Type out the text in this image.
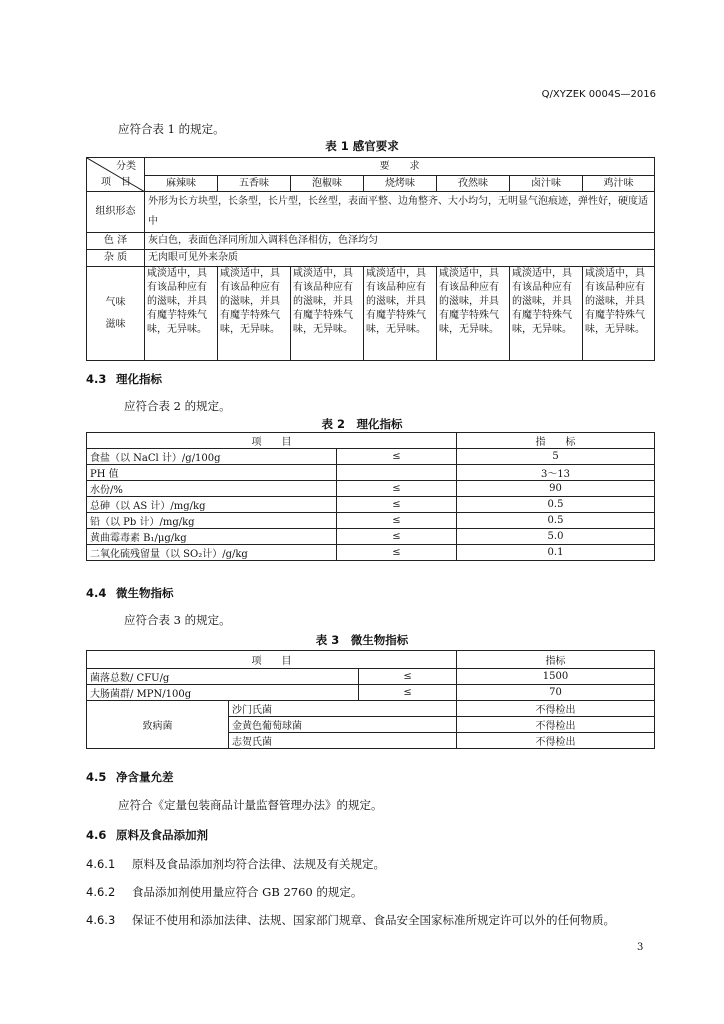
Q/XYZEK 0004S—2016
应符合表 1 的规定。
表 1 感官要求
分类
项　目	要　　求						
	麻辣味	五香味	泡椒味	烧烤味	孜然味	卤汁味	鸡汁味
组织形态	外形为长方块型，长条型，长片型，长丝型，表面平整、边角整齐、大小均匀，无明显气泡痕迹，弹性好，硬度适中						
色 泽	灰白色，表面色泽同所加入调料色泽相仿，色泽均匀						
杂 质	无肉眼可见外来杂质						
气味滋味	咸淡适中，具有该品种应有的滋味，并具有魔芋特殊气味，无异味。	咸淡适中，具有该品种应有的滋味，并具有魔芋特殊气味，无异味。	咸淡适中，具有该品种应有的滋味，并具有魔芋特殊气味，无异味。	咸淡适中，具有该品种应有的滋味，并具有魔芋特殊气味，无异味。	咸淡适中，具有该品种应有的滋味，并具有魔芋特殊气味，无异味。	咸淡适中，具有该品种应有的滋味，并具有魔芋特殊气味，无异味。	咸淡适中，具有该品种应有的滋味，并具有魔芋特殊气味，无异味。
4.3 理化指标
应符合表 2 的规定。
表 2　理化指标
项　　目		指　　标
食盐（以 NaCl 计）/g/100g	≤	5
PH 值		3～13
水份/%	≤	90
总砷（以 AS 计）/mg/kg	≤	0.5
铅（以 Pb 计）/mg/kg	≤	0.5
黄曲霉毒素 B₁/μg/kg	≤	5.0
二氧化硫残留量（以 SO₂计）/g/kg	≤	0.1
4.4 微生物指标
应符合表 3 的规定。
表 3　微生物指标
项　　目			指标
菌落总数/ CFU/g		≤	1500
大肠菌群/ MPN/100g		≤	70
致病菌	沙门氏菌		不得检出
	金黄色葡萄球菌		不得检出
	志贺氏菌		不得检出
4.5 净含量允差
应符合《定量包装商品计量监督管理办法》的规定。
4.6 原料及食品添加剂
4.6.1 原料及食品添加剂均符合法律、法规及有关规定。
4.6.2 食品添加剂使用量应符合 GB 2760 的规定。
4.6.3 保证不使用和添加法律、法规、国家部门规章、食品安全国家标准所规定许可以外的任何物质。
3
